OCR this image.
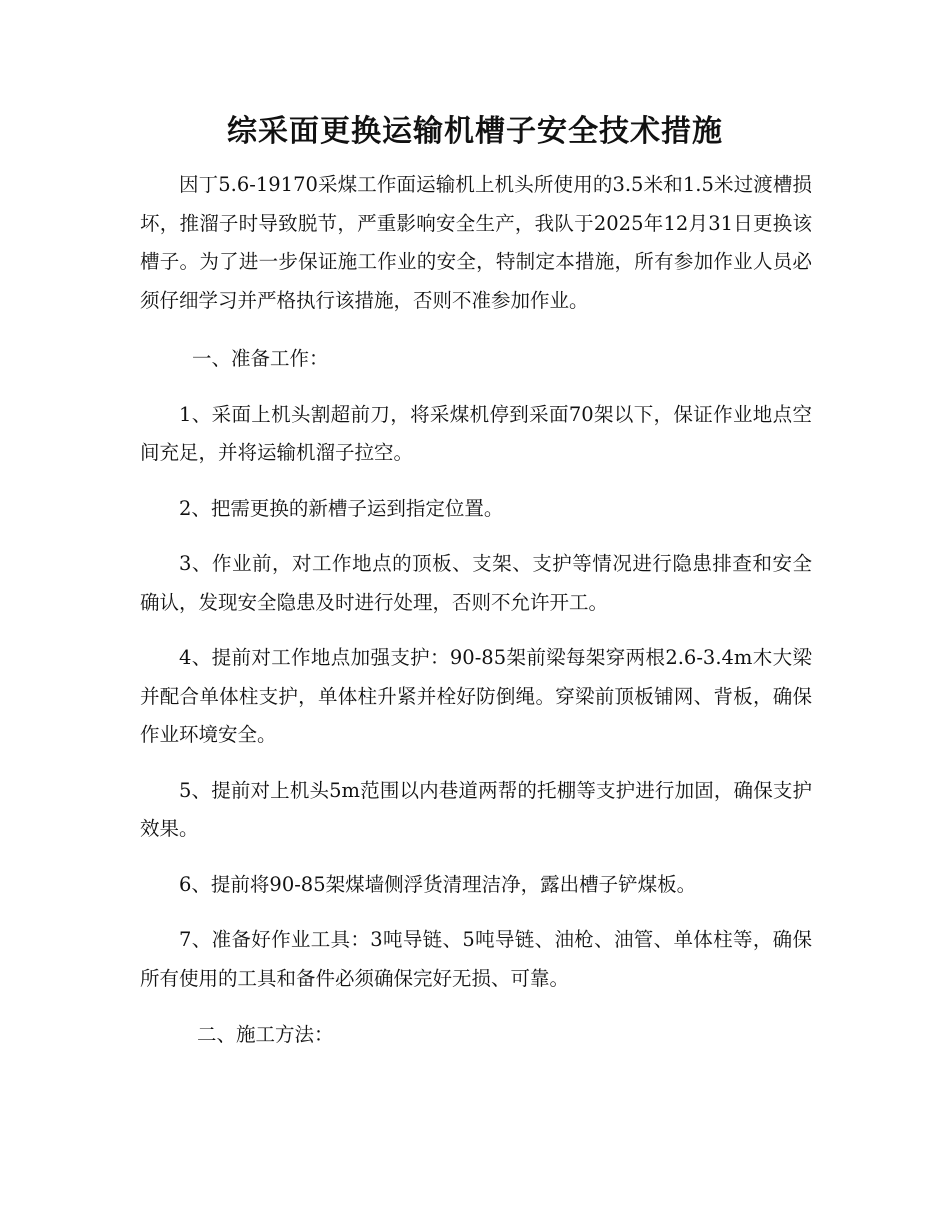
综采面更换运输机槽子安全技术措施

因丁5.6-19170采煤工作面运输机上机头所使用的3.5米和1.5米过渡槽损坏，推溜子时导致脱节，严重影响安全生产，我队于2025年12月31日更换该槽子。为了进一步保证施工作业的安全，特制定本措施，所有参加作业人员必须仔细学习并严格执行该措施，否则不准参加作业。

一、准备工作：

1、采面上机头割超前刀，将采煤机停到采面70架以下，保证作业地点空间充足，并将运输机溜子拉空。

2、把需更换的新槽子运到指定位置。

3、作业前，对工作地点的顶板、支架、支护等情况进行隐患排查和安全确认，发现安全隐患及时进行处理，否则不允许开工。

4、提前对工作地点加强支护：90-85架前梁每架穿两根2.6-3.4m木大梁并配合单体柱支护，单体柱升紧并栓好防倒绳。穿梁前顶板铺网、背板，确保作业环境安全。

5、提前对上机头5m范围以内巷道两帮的托棚等支护进行加固，确保支护效果。

6、提前将90-85架煤墙侧浮货清理洁净，露出槽子铲煤板。

7、准备好作业工具：3吨导链、5吨导链、油枪、油管、单体柱等，确保所有使用的工具和备件必须确保完好无损、可靠。

二、施工方法：
